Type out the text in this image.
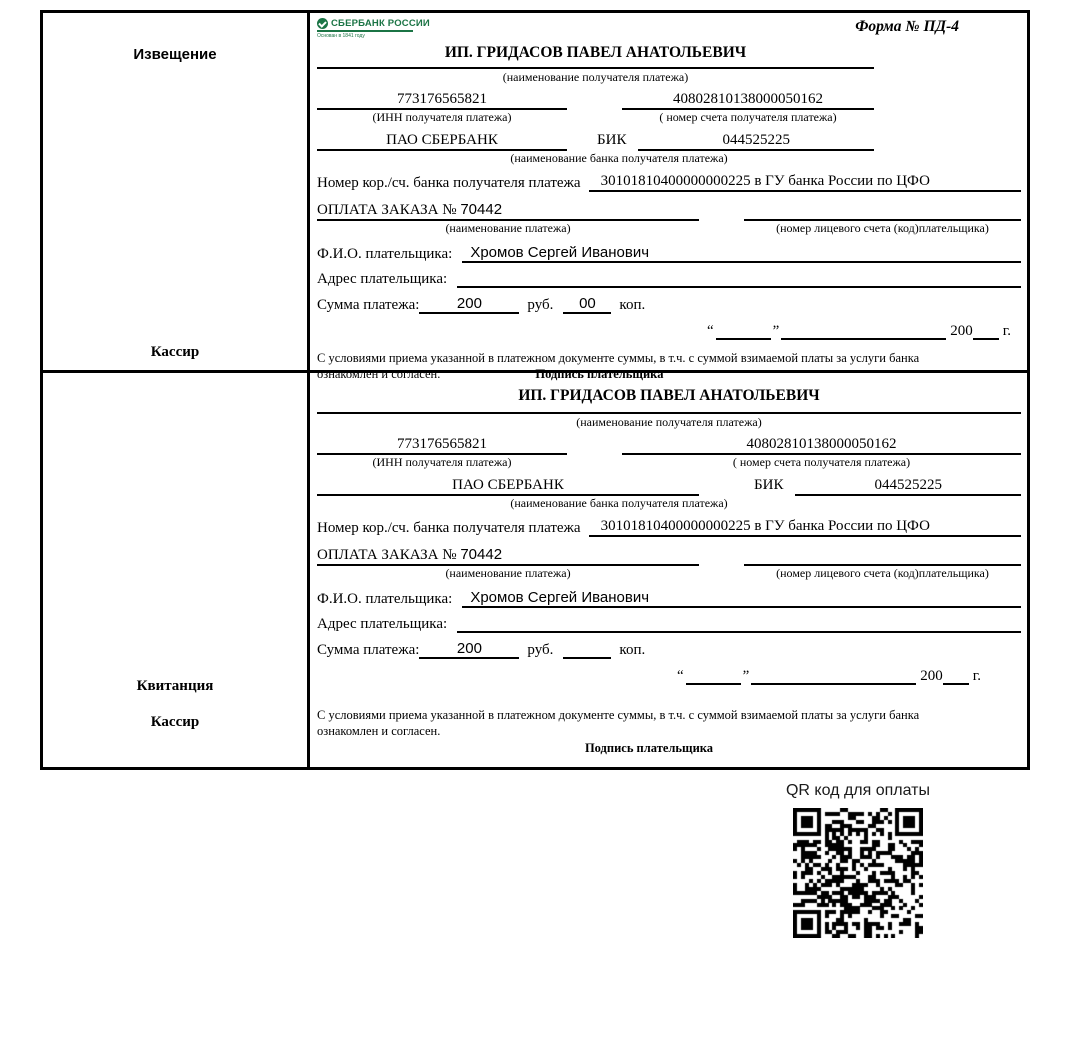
Извещение
Кассир
СБЕРБАНК РОССИИ
Основан в 1841 году
Форма № ПД-4
ИП. ГРИДАСОВ ПАВЕЛ АНАТОЛЬЕВИЧ
(наименование получателя платежа)
773176565821	40802810138000050162
(ИНН получателя платежа)	( номер счета получателя платежа)
ПАО СБЕРБАНК	БИК	044525225
(наименование банка получателя платежа)
Номер кор./сч. банка получателя платежа	30101810400000000225 в ГУ банка России по ЦФО
ОПЛАТА ЗАКАЗА № 70442
(наименование платежа)	(номер лицевого счета (код)плательщика)
Ф.И.О. плательщика:	Хромов Сергей Иванович
Адрес плательщика:
Сумма платежа:	200	руб.	00	коп.
“	”	200 г.
С условиями приема указанной в платежном документе суммы, в т.ч. с суммой взимаемой платы за услуги банка
ознакомлен и согласен.	Подпись плательщика
Квитанция
Кассир
ИП. ГРИДАСОВ ПАВЕЛ АНАТОЛЬЕВИЧ
(наименование получателя платежа)
773176565821	40802810138000050162
(ИНН получателя платежа)	( номер счета получателя платежа)
ПАО СБЕРБАНК	БИК	044525225
(наименование банка получателя платежа)
Номер кор./сч. банка получателя платежа	30101810400000000225 в ГУ банка России по ЦФО
ОПЛАТА ЗАКАЗА № 70442
(наименование платежа)	(номер лицевого счета (код)плательщика)
Ф.И.О. плательщика:	Хромов Сергей Иванович
Адрес плательщика:
Сумма платежа:	200	руб.	коп.
“	”	200 г.
С условиями приема указанной в платежном документе суммы, в т.ч. с суммой взимаемой платы за услуги банка
ознакомлен и согласен.
Подпись плательщика
QR код для оплаты
